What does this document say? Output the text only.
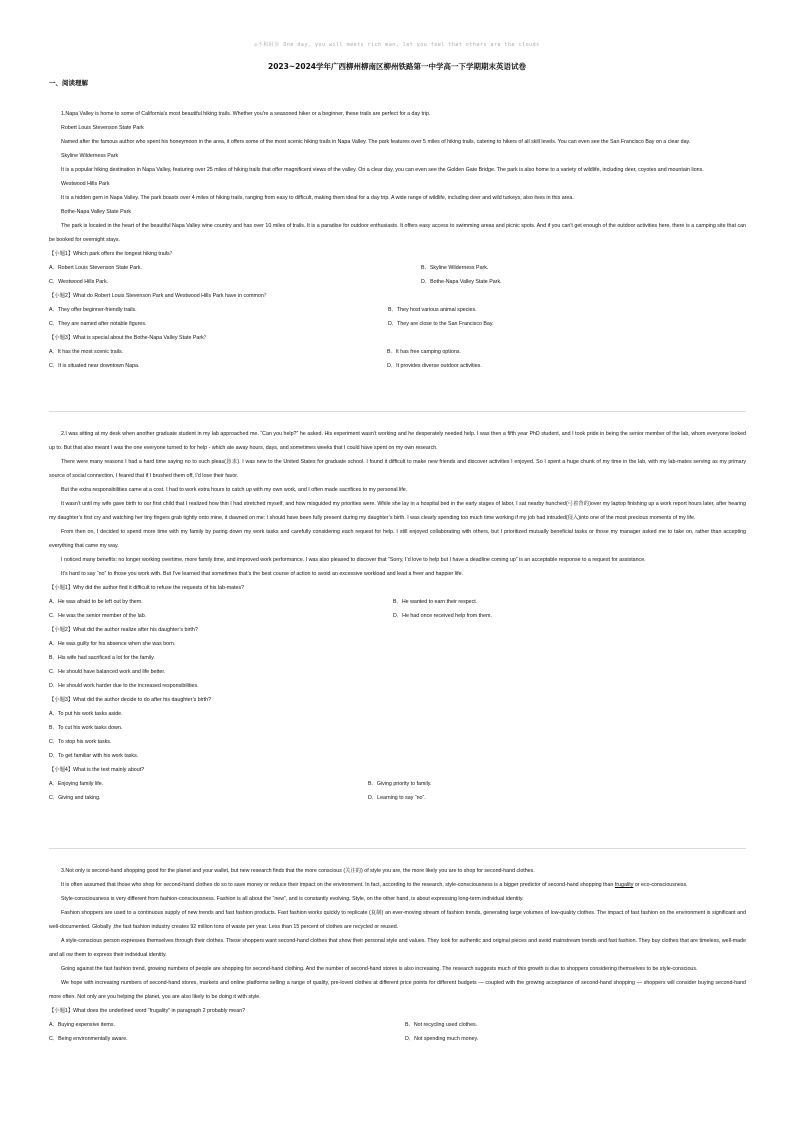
◎不积跬步 One day, you will meets rich man, let you feel that others are the clouds
2023~2024学年广西柳州柳南区柳州铁路第一中学高一下学期期末英语试卷
一、阅读理解

1.Napa Valley is home to some of California's most beautiful hiking trails. Whether you're a seasoned hiker or a beginner, these trails are perfect for a day trip.

Robert Louis Stevenson State Park

Named after the famous author who spent his honeymoon in the area, it offers some of the most scenic hiking trails in Napa Valley. The park features over 5 miles of hiking trails, catering to hikers of all skill levels. You can even see the San Francisco Bay on a clear day.

Skyline Wilderness Park

It is a popular hiking destination in Napa Valley, featuring over 25 miles of hiking trails that offer magnificent views of the valley. On a clear day, you can even see the Golden Gate Bridge. The park is also home to a variety of wildlife, including deer, coyotes and mountain lions.

Westwood Hills Park

It is a hidden gem in Napa Valley. The park boasts over 4 miles of hiking trails, ranging from easy to difficult, making them ideal for a day trip. A wide range of wildlife, including deer and wild turkeys, also lives in this area.

Bothe-Napa Valley State Park

The park is located in the heart of the beautiful Napa Valley wine country and has over 10 miles of trails. It is a paradise for outdoor enthusiasts. It offers easy access to swimming areas and picnic spots. And if you can't get enough of the outdoor activities here, there is a camping site that can be booked for overnight stays.

【小题1】Which park offers the longest hiking trails？

A．Robert Louis Stevenson State Park.	B．Skyline Wilderness Park.
C．Westwood Hills Park.	D．Bothe-Napa Valley State Park.

【小题2】What do Robert Louis Stevenson Park and Westwood Hills Park have in common？

A．They offer beginner-friendly trails.	B．They host various animal species.
C．They are named after notable figures.	D．They are close to the San Francisco Bay.

【小题3】What is special about the Bothe-Napa Valley State Park？

A．It has the most scenic trails.	B．It has free camping options.
C．It is situated near downtown Napa.	D．It provides diverse outdoor activities.

2.I was sitting at my desk when another graduate student in my lab approached me. “Can you help?” he asked. His experiment wasn’t working and he desperately needed help. I was then a fifth year PhD student, and I took pride in being the senior member of the lab, whom everyone looked up to. But that also meant I was the one everyone turned to for help - which ate away hours, days, and sometimes weeks that I could have spent on my own research.

There were many reasons I had a hard time saying no to such pleas(恳求). I was new to the United States for graduate school. I found it difficult to make new friends and discover activities I enjoyed. So I spent a huge chunk of my time in the lab, with my lab-mates serving as my primary source of social connection, I feared that if I brushed them off, I’d lose their favor.

But the extra responsibilities came at a cost. I had to work extra hours to catch up with my own work, and I often made sacrifices to my personal life.

It wasn’t until my wife gave birth to our first child that I realized how thin I had stretched myself, and how misguided my priorities were. While she lay in a hospital bed in the early stages of labor, I sat nearby hunched(弓着背的)over my laptop finishing up a work report hours later, after hearing my daughter’s first cry and watching her tiny fingers grab tightly onto mine, it dawned on me: I should have been fully present during my daughter’s birth. I was clearly spending too much time working if my job had intruded(侵入)into one of the most precious moments of my life.

From then on, I decided to spend more time with my family by paring down my work tasks and carefully considering each request for help. I still enjoyed collaborating with others, but I prioritized mutually beneficial tasks or those my manager asked me to take on, rather than accepting everything that came my way.

I noticed many benefits: no longer working overtime, more family time, and improved work performance. I was also pleased to discover that “Sorry, I’d love to help but I have a deadline coming up” is an acceptable response to a request for assistance.

It’s hard to say “no” to those you work with. But I’ve learned that sometimes that’s the best course of action to avoid an excessive workload and lead a freer and happier life.

【小题1】Why did the author find it difficult to refuse the requests of his lab-mates?

A．He was afraid to be left out by them.	B．He wanted to earn their respect.
C．He was the senior member of the lab.	D．He had once received help from them.

【小题2】What did the author realize after his daughter’s birth?

A．He was guilty for his absence when she was born.

B．His wife had sacrificed a lot for the family.

C．He should have balanced work and life better.

D．He should work harder due to the increased responsibilities.

【小题3】What did the author decide to do after his daughter’s birth?

A．To put his work tasks aside.

B．To cut his work tasks down.

C．To stop his work tasks.

D．To get familiar with his work tasks.

【小题4】What is the text mainly about?

A．Enjoying family life.	B．Giving priority to family.
C．Giving and taking.	D．Learning to say “no”.

3.Not only is second-hand shopping good for the planet and your wallet, but new research finds that the more conscious (关注的) of style you are, the more likely you are to shop for second-hand clothes.

It is often assumed that those who shop for second-hand clothes do so to save money or reduce their impact on the environment. In fact, according to the research, style-consciousness is a bigger predictor of second-hand shopping than frugality or eco-consciousness.

Style-consciousness is very different from fashion-consciousness. Fashion is all about the “new”, and is constantly evolving. Style, on the other hand, is about expressing long-term individual identity.

Fashion shoppers are used to a continuous supply of new trends and fast fashion products. Fast fashion works quickly to replicate (复制) an ever-moving stream of fashion trends, generating large volumes of low-quality clothes. The impact of fast fashion on the environment is significant and well-documented. Globally ,the fast fashion industry creates 92 million tons of waste per year. Less than 15 percent of clothes are recycled or reused.

A style-conscious person expresses themselves through their clothes. These shoppers want second-hand clothes that show their personal style and values. They look for authentic and original pieces and avoid mainstream trends and fast fashion. They buy clothes that are timeless, well-made and all ow them to express their individual identity.

Going against the fast fashion trend, growing numbers of people are shopping for second-hand clothing. And the number of second-hand stores is also increasing. The research suggests much of this growth is due to shoppers considering themselves to be style-conscious.

We hope with increasing numbers of second-hand stores, markets and online platforms selling a range of quality, pre-loved clothes at different price points for different budgets — coupled with the growing acceptance of second-hand shopping — shoppers will consider buying second-hand more often. Not only are you helping the planet, you are also likely to be doing it with style.

【小题1】What does the underlined word “frugality” in paragraph 2 probably mean?

A．Buying expensive items.	B．Not recycling used clothes.
C．Being environmentally aware.	D．Not spending much money.
